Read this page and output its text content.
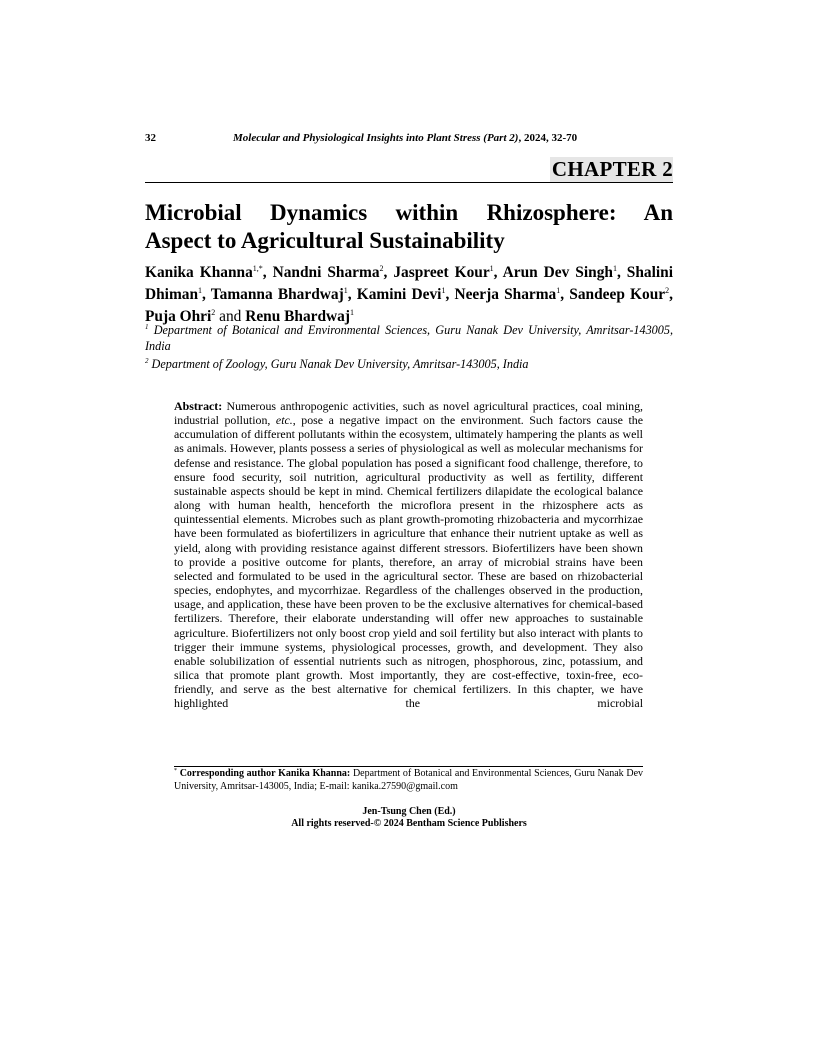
32	Molecular and Physiological Insights into Plant Stress (Part 2), 2024, 32-70
CHAPTER 2
Microbial Dynamics within Rhizosphere: An
Aspect to Agricultural Sustainability
Kanika Khanna$^{1,*}$, Nandni Sharma$^2$, Jaspreet Kour$^1$, Arun Dev Singh$^1$, Shalini Dhiman$^1$, Tamanna Bhardwaj$^1$, Kamini Devi$^1$, Neerja Sharma$^1$, Sandeep Kour$^2$, Puja Ohri$^2$ and Renu Bhardwaj$^1$
$^1$ Department of Botanical and Environmental Sciences, Guru Nanak Dev University, Amritsar-143005, India
$^2$ Department of Zoology, Guru Nanak Dev University, Amritsar-143005, India
Abstract: Numerous anthropogenic activities, such as novel agricultural practices, coal mining, industrial pollution, etc., pose a negative impact on the environment. Such factors cause the accumulation of different pollutants within the ecosystem, ultimately hampering the plants as well as animals. However, plants possess a series of physiological as well as molecular mechanisms for defense and resistance. The global population has posed a significant food challenge, therefore, to ensure food security, soil nutrition, agricultural productivity as well as fertility, different sustainable aspects should be kept in mind. Chemical fertilizers dilapidate the ecological balance along with human health, henceforth the microflora present in the rhizosphere acts as quintessential elements. Microbes such as plant growth-promoting rhizobacteria and mycorrhizae have been formulated as biofertilizers in agriculture that enhance their nutrient uptake as well as yield, along with providing resistance against different stressors. Biofertilizers have been shown to provide a positive outcome for plants, therefore, an array of microbial strains have been selected and formulated to be used in the agricultural sector. These are based on rhizobacterial species, endophytes, and mycorrhizae. Regardless of the challenges observed in the production, usage, and application, these have been proven to be the exclusive alternatives for chemical-based fertilizers. Therefore, their elaborate understanding will offer new approaches to sustainable agriculture. Biofertilizers not only boost crop yield and soil fertility but also interact with plants to trigger their immune systems, physiological processes, growth, and development. They also enable solubilization of essential nutrients such as nitrogen, phosphorous, zinc, potassium, and silica that promote plant growth. Most importantly, they are cost-effective, toxin-free, eco-friendly, and serve as the best alternative for chemical fertilizers. In this chapter, we have highlighted the microbial
* Corresponding author Kanika Khanna: Department of Botanical and Environmental Sciences, Guru Nanak Dev University, Amritsar-143005, India; E-mail: kanika.27590@gmail.com
Jen-Tsung Chen (Ed.)
All rights reserved-© 2024 Bentham Science Publishers
